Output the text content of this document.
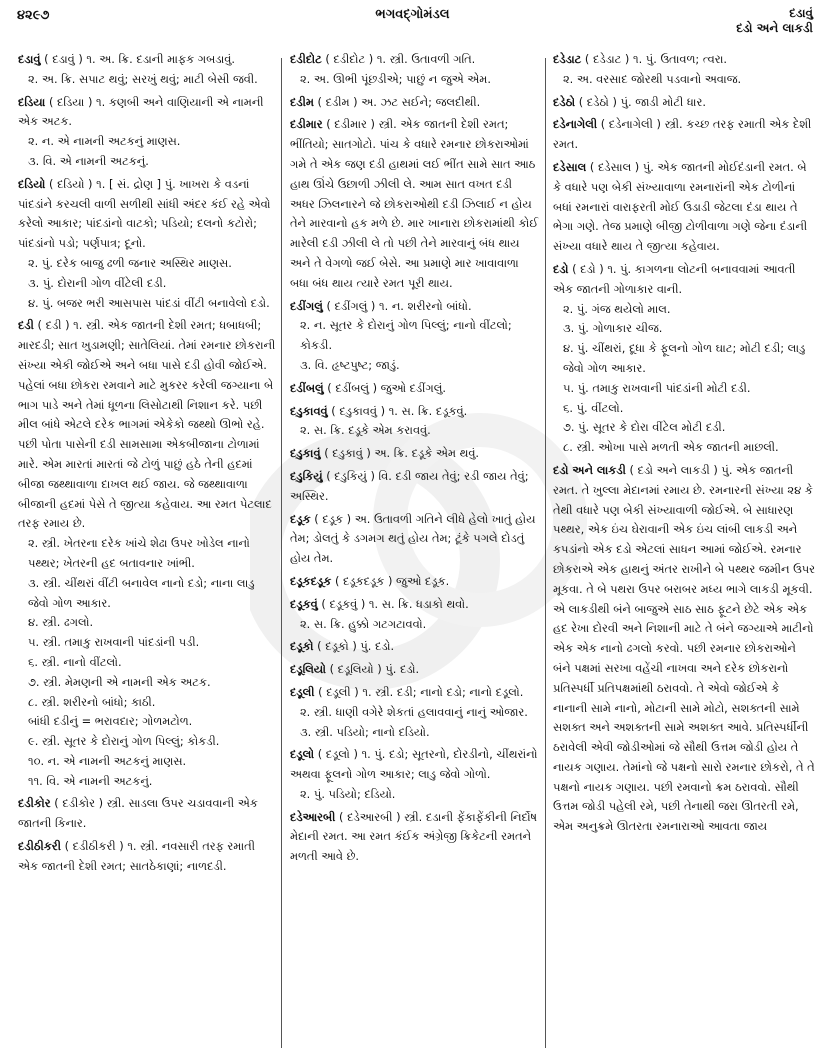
૪૨૯૭	ભગવદ્ગોમંડલ	દડાવું
દડો અને લાકડી
દડાવું ( દડાવું ) ૧. અ. ક્રિ. દડાની માફક ગબડાવું.
૨. અ. ક્રિ. સપાટ થવું; સરખું થવું; માટી બેસી જવી.
દડિયા ( દડિયા ) ૧. કણબી અને વાણિયાની એ નામની એક અટક.
૨. ન. એ નામની અટકનું માણસ.
૩. વિ. એ નામની અટકનું.
દડિયો ( દડિયો ) ૧. [ સં. દ્રોણ ] પું. ખાખરા કે વડનાં પાંદડાંને કરચલી વાળી સળીથી સાંધી અંદર કંઈ રહે એવો કરેલો આકાર; પાંદડાંનો વાટકો; પડિયો; દલનો કટોરો; પાંદડાંનો પડો; પર્ણપાત્ર; દૂનો.
૨. પું. દરેક બાજુ ઢળી જનાર અસ્થિર માણસ.
૩. પું. દોરાની ગોળ વીંટેલી દડી.
૪. પું. બજર ભરી આસપાસ પાંદડાં વીંટી બનાવેલો દડો.
દડી ( દડી ) ૧. સ્ત્રી. એક જાતની દેશી રમત; ધબાધબી; મારદડી; સાત ખુડામણી; સાતેલિયાં. તેમાં રમનાર છોકરાની સંખ્યા એકી જોઈએ અને બધા પાસે દડી હોવી જોઈએ. પહેલાં બધા છોકરા રમવાને માટે મુકરર કરેલી જગ્યાના બે ભાગ પાડે અને તેમાં ધૂળના લિસોટાથી નિશાન કરે. પછી મીલ બાંધે એટલે દરેક ભાગમાં એકેકો જથ્થો ઊભો રહે. પછી પોતા પાસેની દડી સામસામા એકબીજાના ટોળામાં મારે. એમ મારતાં મારતાં જે ટોળું પાછું હઠે તેની હદમાં બીજા જથ્થાવાળા દાખલ થઈ જાય. જે જથ્થાવાળા બીજાની હદમાં પેસે તે જીત્યા કહેવાય. આ રમત પેટલાદ તરફ રમાય છે.
૨. સ્ત્રી. ખેતરના દરેક ખાંચે શેઢા ઉપર ખોડેલ નાનો પથ્થર; ખેતરની હદ બતાવનાર ખાંભી.
૩. સ્ત્રી. ચીંથરાં વીંટી બનાવેલ નાનો દડો; નાના લાડુ જેવો ગોળ આકાર.
૪. સ્ત્રી. ઢગલો.
૫. સ્ત્રી. તમાકુ રાખવાની પાંદડાંની પડી.
૬. સ્ત્રી. નાનો વીંટલો.
૭. સ્ત્રી. મેમણની એ નામની એક અટક.
૮. સ્ત્રી. શરીરનો બાંધો; કાઠી.
બાંધી દડીનું = ભરાવદાર; ગોળમટોળ.
૯. સ્ત્રી. સૂતર કે દોરાનું ગોળ પિલ્લું; કોકડી.
૧૦. ન. એ નામની અટકનું માણસ.
૧૧. વિ. એ નામની અટકનું.
દડીકોર ( દડીકોર ) સ્ત્રી. સાડલા ઉપર ચડાવવાની એક જાતની કિનાર.
દડીઠીકરી ( દડીઠીકરી ) ૧. સ્ત્રી. નવસારી તરફ રમાતી એક જાતની દેશી રમત; સાતઠેકાણાં; નાળદડી.
દડીદોટ ( દડીદોટ ) ૧. સ્ત્રી. ઉતાવળી ગતિ.
૨. અ. ઊભી પૂંછડીએ; પાછું ન જુએ એમ.
દડીમ ( દડીમ ) અ. ઝટ સઈને; જલદીથી.
દડીમાર ( દડીમાર ) સ્ત્રી. એક જાતની દેશી રમત; ભીંતિયો; સાતગોટો. પાંચ કે વધારે રમનાર છોકરાઓમાં ગમે તે એક જણ દડી હાથમાં લઈ ભીંત સામે સાત આઠ હાથ ઊંચે ઉછાળી ઝીલી લે. આમ સાત વખત દડી અધર ઝિલનારને જે છોકરાઓથી દડી ઝિલાઈ ન હોય તેને મારવાનો હક મળે છે. માર ખાનારા છોકરામાંથી કોઈ મારેલી દડી ઝીલી લે તો પછી તેને મારવાનું બંધ થાય અને તે વેગળો જઈ બેસે. આ પ્રમાણે માર ખાવાવાળા બધા બંધ થાય ત્યારે રમત પૂરી થાય.
દડીંગલું ( દડીંગલું ) ૧. ન. શરીરનો બાંધો.
૨. ન. સૂતર કે દોરાનું ગોળ પિલ્લું; નાનો વીંટલો; કોકડી.
૩. વિ. હૃષ્ટપુષ્ટ; જાડું.
દડીંબલું ( દડીંબલું ) જુઓ દડીંગલું.
દડુકાવવું ( દડુકાવવું ) ૧. સ. ક્રિ. દડૂકવું.
૨. સ. ક્રિ. દડૂકે એમ કરાવવું.
દડુકાવું ( દડુકાવું ) અ. ક્રિ. દડૂકે એમ થવું.
દડુકિયું ( દડુકિયું ) વિ. દડી જાય તેવું; રડી જાય તેવું; અસ્થિર.
દડૂક ( દડૂક ) અ. ઉતાવળી ગતિને લીધે હેલો ખાતું હોય તેમ; ડોલતું કે ડગમગ થતું હોય તેમ; ટૂંકે પગલે દોડતું હોય તેમ.
દડૂકદડૂક ( દડૂકદડૂક ) જુઓ દડૂક.
દડૂકવું ( દડૂકવું ) ૧. સ. ક્રિ. ધડાકો થવો.
૨. સ. ક્રિ. હુક્કો ગટગટાવવો.
દડૂકો ( દડૂકો ) પું. દડો.
દડૂલિયો ( દડૂલિયો ) પું. દડો.
દડૂલી ( દડૂલી ) ૧. સ્ત્રી. દડી; નાનો દડો; નાનો દડૂલો.
૨. સ્ત્રી. ધાણી વગેરે શેકતાં હલાવવાનું નાનું ઓજાર.
૩. સ્ત્રી. પડિયો; નાનો દડિયો.
દડૂલો ( દડૂલો ) ૧. પું. દડો; સૂતરનો, દોરડીનો, ચીંથરાંનો અથવા ફૂલનો ગોળ આકાર; લાડુ જેવો ગોળો.
૨. પું. પડિયો; દડિયો.
દડેઆરબી ( દડેઆરબી ) સ્ત્રી. દડાની ફેંકાફેંકીની નિર્દોષ મેદાની રમત. આ રમત કંઈક અંગ્રેજી ક્રિકેટની રમતને મળતી આવે છે.
દડેડાટ ( દડેડાટ ) ૧. પું. ઉતાવળ; ત્વરા.
૨. અ. વરસાદ જોરથી પડવાનો અવાજ.
દડેઠો ( દડેઠો ) પું. જાડી મોટી ધાર.
દડેનાગેલી ( દડેનાગેલી ) સ્ત્રી. કચ્છ તરફ રમાતી એક દેશી રમત.
દડેસાલ ( દડેસાલ ) પું. એક જાતની મોઈદંડાની રમત. બે કે વધારે પણ બેકી સંખ્યાવાળા રમનારાંની એક ટોળીનાં બધાં રમનારાં વારાફરતી મોઈ ઉડાડી જેટલા દંડા થાય તે ભેગા ગણે. તેજ પ્રમાણે બીજી ટોળીવાળા ગણે જેના દંડાની સંખ્યા વધારે થાય તે જીત્યા કહેવાય.
દડો ( દડો ) ૧. પું. કાગળના લોટની બનાવવામાં આવતી એક જાતની ગોળાકાર વાની.
૨. પું. ગંજ થયેલો માલ.
૩. પું. ગોળાકાર ચીજ.
૪. પું. ચીંથરાં, દૂધા કે ફૂલનો ગોળ ઘાટ; મોટી દડી; લાડુ જેવો ગોળ આકાર.
૫. પું. તમાકુ રાખવાની પાંદડાંની મોટી દડી.
૬. પું. વીંટલો.
૭. પું. સૂતર કે દોરા વીંટેલ મોટી દડી.
૮. સ્ત્રી. ઓખા પાસે મળતી એક જાતની માછલી.
દડો અને લાકડી ( દડો અને લાકડી ) પું. એક જાતની રમત. તે ખુલ્લા મેદાનમાં રમાય છે. રમનારની સંખ્યા ૨૪ કે તેથી વધારે પણ બેકી સંખ્યાવાળી જોઈએ. બે સાધારણ પથ્થર, એક ઇંચ ઘેરાવાની એક ઇંચ લાંબી લાકડી અને કપડાંનો એક દડો એટલાં સાધન આમાં જોઈએ. રમનાર છોકરાએ એક હાથનું અંતર રાખીને બે પથ્થર જમીન ઉપર મૂકવા. તે બે પથરા ઉપર બરાબર મધ્ય ભાગે લાકડી મૂકવી. એ લાકડીથી બંને બાજુએ સાઠ સાઠ ફૂટને છેટે એક એક હદ રેખા દોરવી અને નિશાની માટે તે બંને જગ્યાએ માટીનો એક એક નાનો ઢગલો કરવો. પછી રમનાર છોકરાઓને બંને પક્ષમાં સરખા વહેંચી નાખવા અને દરેક છોકરાનો પ્રતિસ્પર્ધી પ્રતિપક્ષમાંથી ઠરાવવો. તે એવો જોઈએ કે નાનાની સામે નાનો, મોટાની સામે મોટો, સશક્તની સામે સશક્ત અને અશક્તની સામે અશક્ત આવે. પ્રતિસ્પર્ધીની ઠરાવેલી એવી જોડીઓમાં જે સૌથી ઉત્તમ જોડી હોય તે નાયક ગણાય. તેમાંનો જે પક્ષનો સારો રમનાર છોકરો, તે તે પક્ષનો નાયક ગણાય. પછી રમવાનો ક્રમ ઠરાવવો. સૌથી ઉત્તમ જોડી પહેલી રમે, પછી તેનાથી જરા ઊતરતી રમે, એમ અનુક્રમે ઊતરતા રમનારાઓ આવતા જાય
